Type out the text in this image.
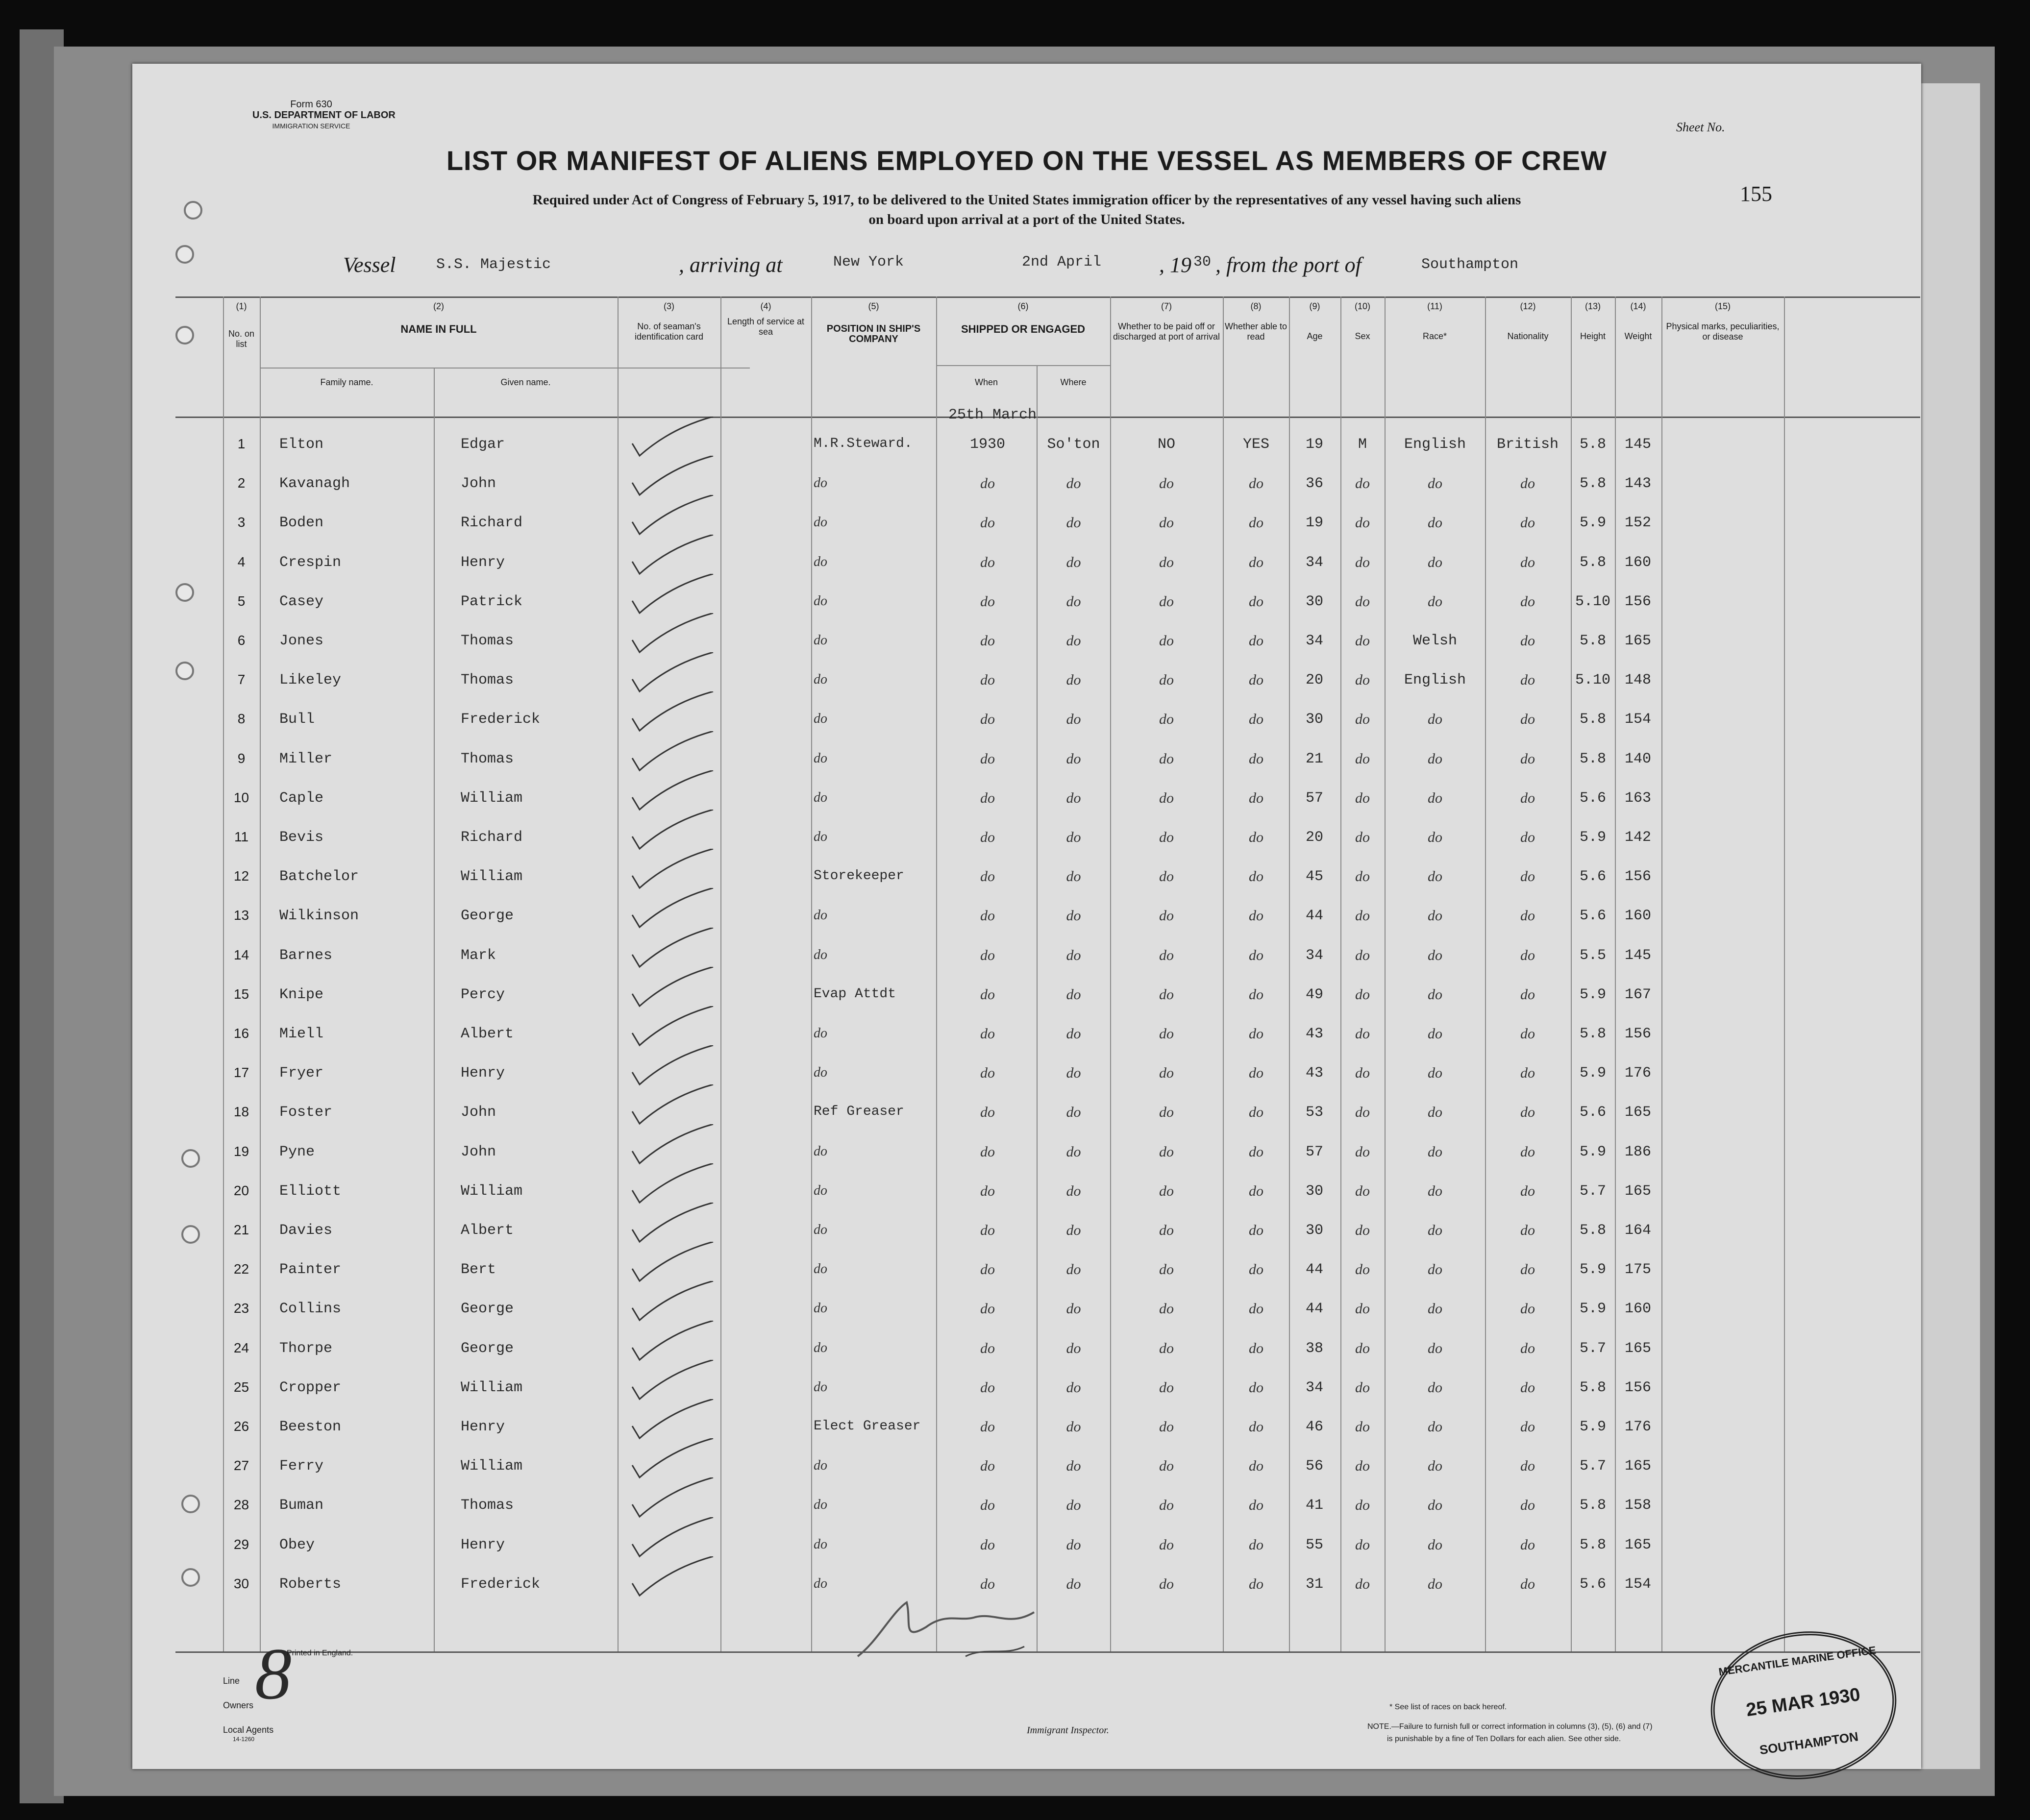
Form 630
U.S. DEPARTMENT OF LABOR
IMMIGRATION SERVICE	Sheet No.
155
LIST OR MANIFEST OF ALIENS EMPLOYED ON THE VESSEL AS MEMBERS OF CREW
Required under Act of Congress of February 5, 1917, to be delivered to the United States immigration officer by the representatives of any vessel having such aliens
on board upon arrival at a port of the United States.
Vessel	S.S. Majestic	, arriving at	New York	2nd April	, 19 30 , from the port of	Southampton
(1)
No. on list
(2)
NAME IN FULL
Family name.	Given name.
(3)
No. of seaman's identification card
(4)
Length of service at sea
(5)
POSITION IN SHIP'S COMPANY
(6)
SHIPPED OR ENGAGED
When	Where
(7)
Whether to be paid off or discharged at port of arrival
(8)
Whether able to read
(9)
Age
(10)
Sex
(11)
Race*
(12)
Nationality
(13)
Height
(14)
Weight
(15)
Physical marks, peculiarities, or disease
25th March
1	Elton	Edgar	M.R.Steward.	1930	So'ton	NO	YES	19	M	English	British	5.8	145
2	Kavanagh	John	do	do	do	do	do	36	do	do	do	5.8	143
3	Boden	Richard	do	do	do	do	do	19	do	do	do	5.9	152
4	Crespin	Henry	do	do	do	do	do	34	do	do	do	5.8	160
5	Casey	Patrick	do	do	do	do	do	30	do	do	do	5.10 156
6	Jones	Thomas	do	do	do	do	do	34	do	Welsh	do	5.8	165
7	Likeley	Thomas	do	do	do	do	do	20	do	English	do	5.10 148
8	Bull	Frederick	do	do	do	do	do	30	do	do	do	5.8	154
9	Miller	Thomas	do	do	do	do	do	21	do	do	do	5.8	140
10	Caple	William	do	do	do	do	do	57	do	do	do	5.6	163
11	Bevis	Richard	do	do	do	do	do	20	do	do	do	5.9	142
12	Batchelor	William	Storekeeper	do	do	do	do	45	do	do	do	5.6	156
13	Wilkinson	George	do	do	do	do	do	44	do	do	do	5.6	160
14	Barnes	Mark	do	do	do	do	do	34	do	do	do	5.5	145
15	Knipe	Percy	Evap Attdt	do	do	do	do	49	do	do	do	5.9	167
16	Miell	Albert	do	do	do	do	do	43	do	do	do	5.8	156
17	Fryer	Henry	do	do	do	do	do	43	do	do	do	5.9	176
18	Foster	John	Ref Greaser	do	do	do	do	53	do	do	do	5.6	165
19	Pyne	John	do	do	do	do	do	57	do	do	do	5.9	186
20	Elliott	William	do	do	do	do	do	30	do	do	do	5.7	165
21	Davies	Albert	do	do	do	do	do	30	do	do	do	5.8	164
22	Painter	Bert	do	do	do	do	do	44	do	do	do	5.9	175
23	Collins	George	do	do	do	do	do	44	do	do	do	5.9	160
24	Thorpe	George	do	do	do	do	do	38	do	do	do	5.7	165
25	Cropper	William	do	do	do	do	do	34	do	do	do	5.8	156
26	Beeston	Henry	Elect Greaser	do	do	do	do	46	do	do	do	5.9	176
27	Ferry	William	do	do	do	do	do	56	do	do	do	5.7	165
28	Buman	Thomas	do	do	do	do	do	41	do	do	do	5.8	158
29	Obey	Henry	do	do	do	do	do	55	do	do	do	5.8	165
30	Roberts	Frederick	do	do	do	do	do	31	do	do	do	5.6	154
8
Printed in England.
Line
Owners
Local Agents
14-1260
Immigrant Inspector.
* See list of races on back hereof.
NOTE.—Failure to furnish full or correct information in columns (3), (5), (6) and (7)
is punishable by a fine of Ten Dollars for each alien. See other side.
MERCANTILE MARINE OFFICE
25 MAR 1930
SOUTHAMPTON
